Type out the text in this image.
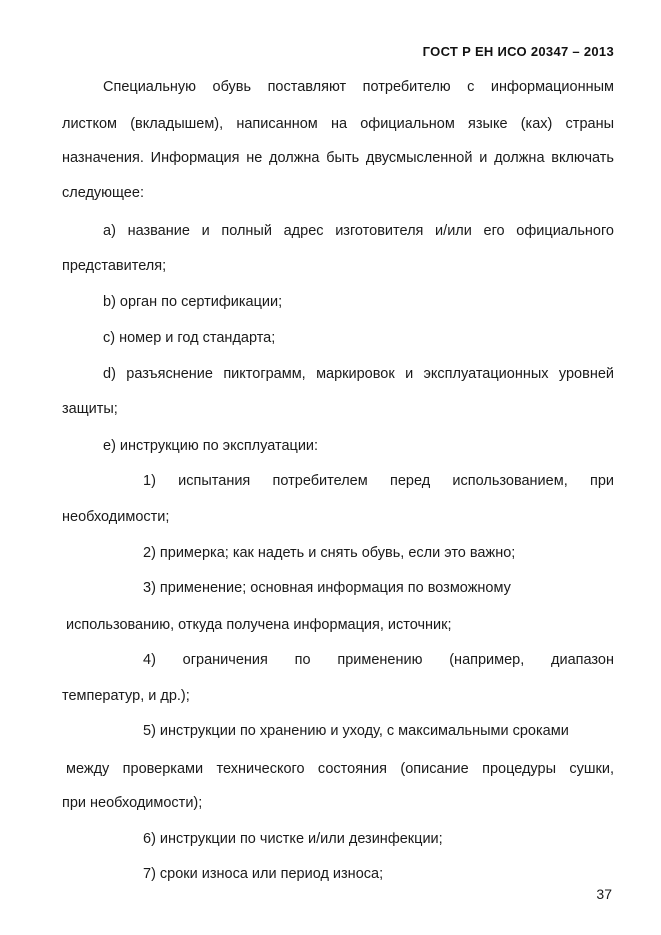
ГОСТ Р ЕН ИСО 20347 – 2013
Специальную обувь поставляют потребителю с информационным
листком (вкладышем), написанном на официальном языке (ках) страны
назначения. Информация не должна быть двусмысленной и должна включать
следующее:
a) название и полный адрес изготовителя и/или его официального
представителя;
b) орган по сертификации;
c) номер и год стандарта;
d) разъяснение пиктограмм, маркировок и эксплуатационных уровней
защиты;
e) инструкцию по эксплуатации:
1) испытания потребителем перед использованием, при
необходимости;
2) примерка; как надеть и снять обувь, если это важно;
3) применение; основная информация по возможному
использованию, откуда получена информация, источник;
4) ограничения по применению (например, диапазон
температур, и др.);
5) инструкции по хранению и уходу, с максимальными сроками
между проверками технического состояния (описание процедуры сушки,
при необходимости);
6) инструкции по чистке и/или дезинфекции;
7) сроки износа или период износа;
37
